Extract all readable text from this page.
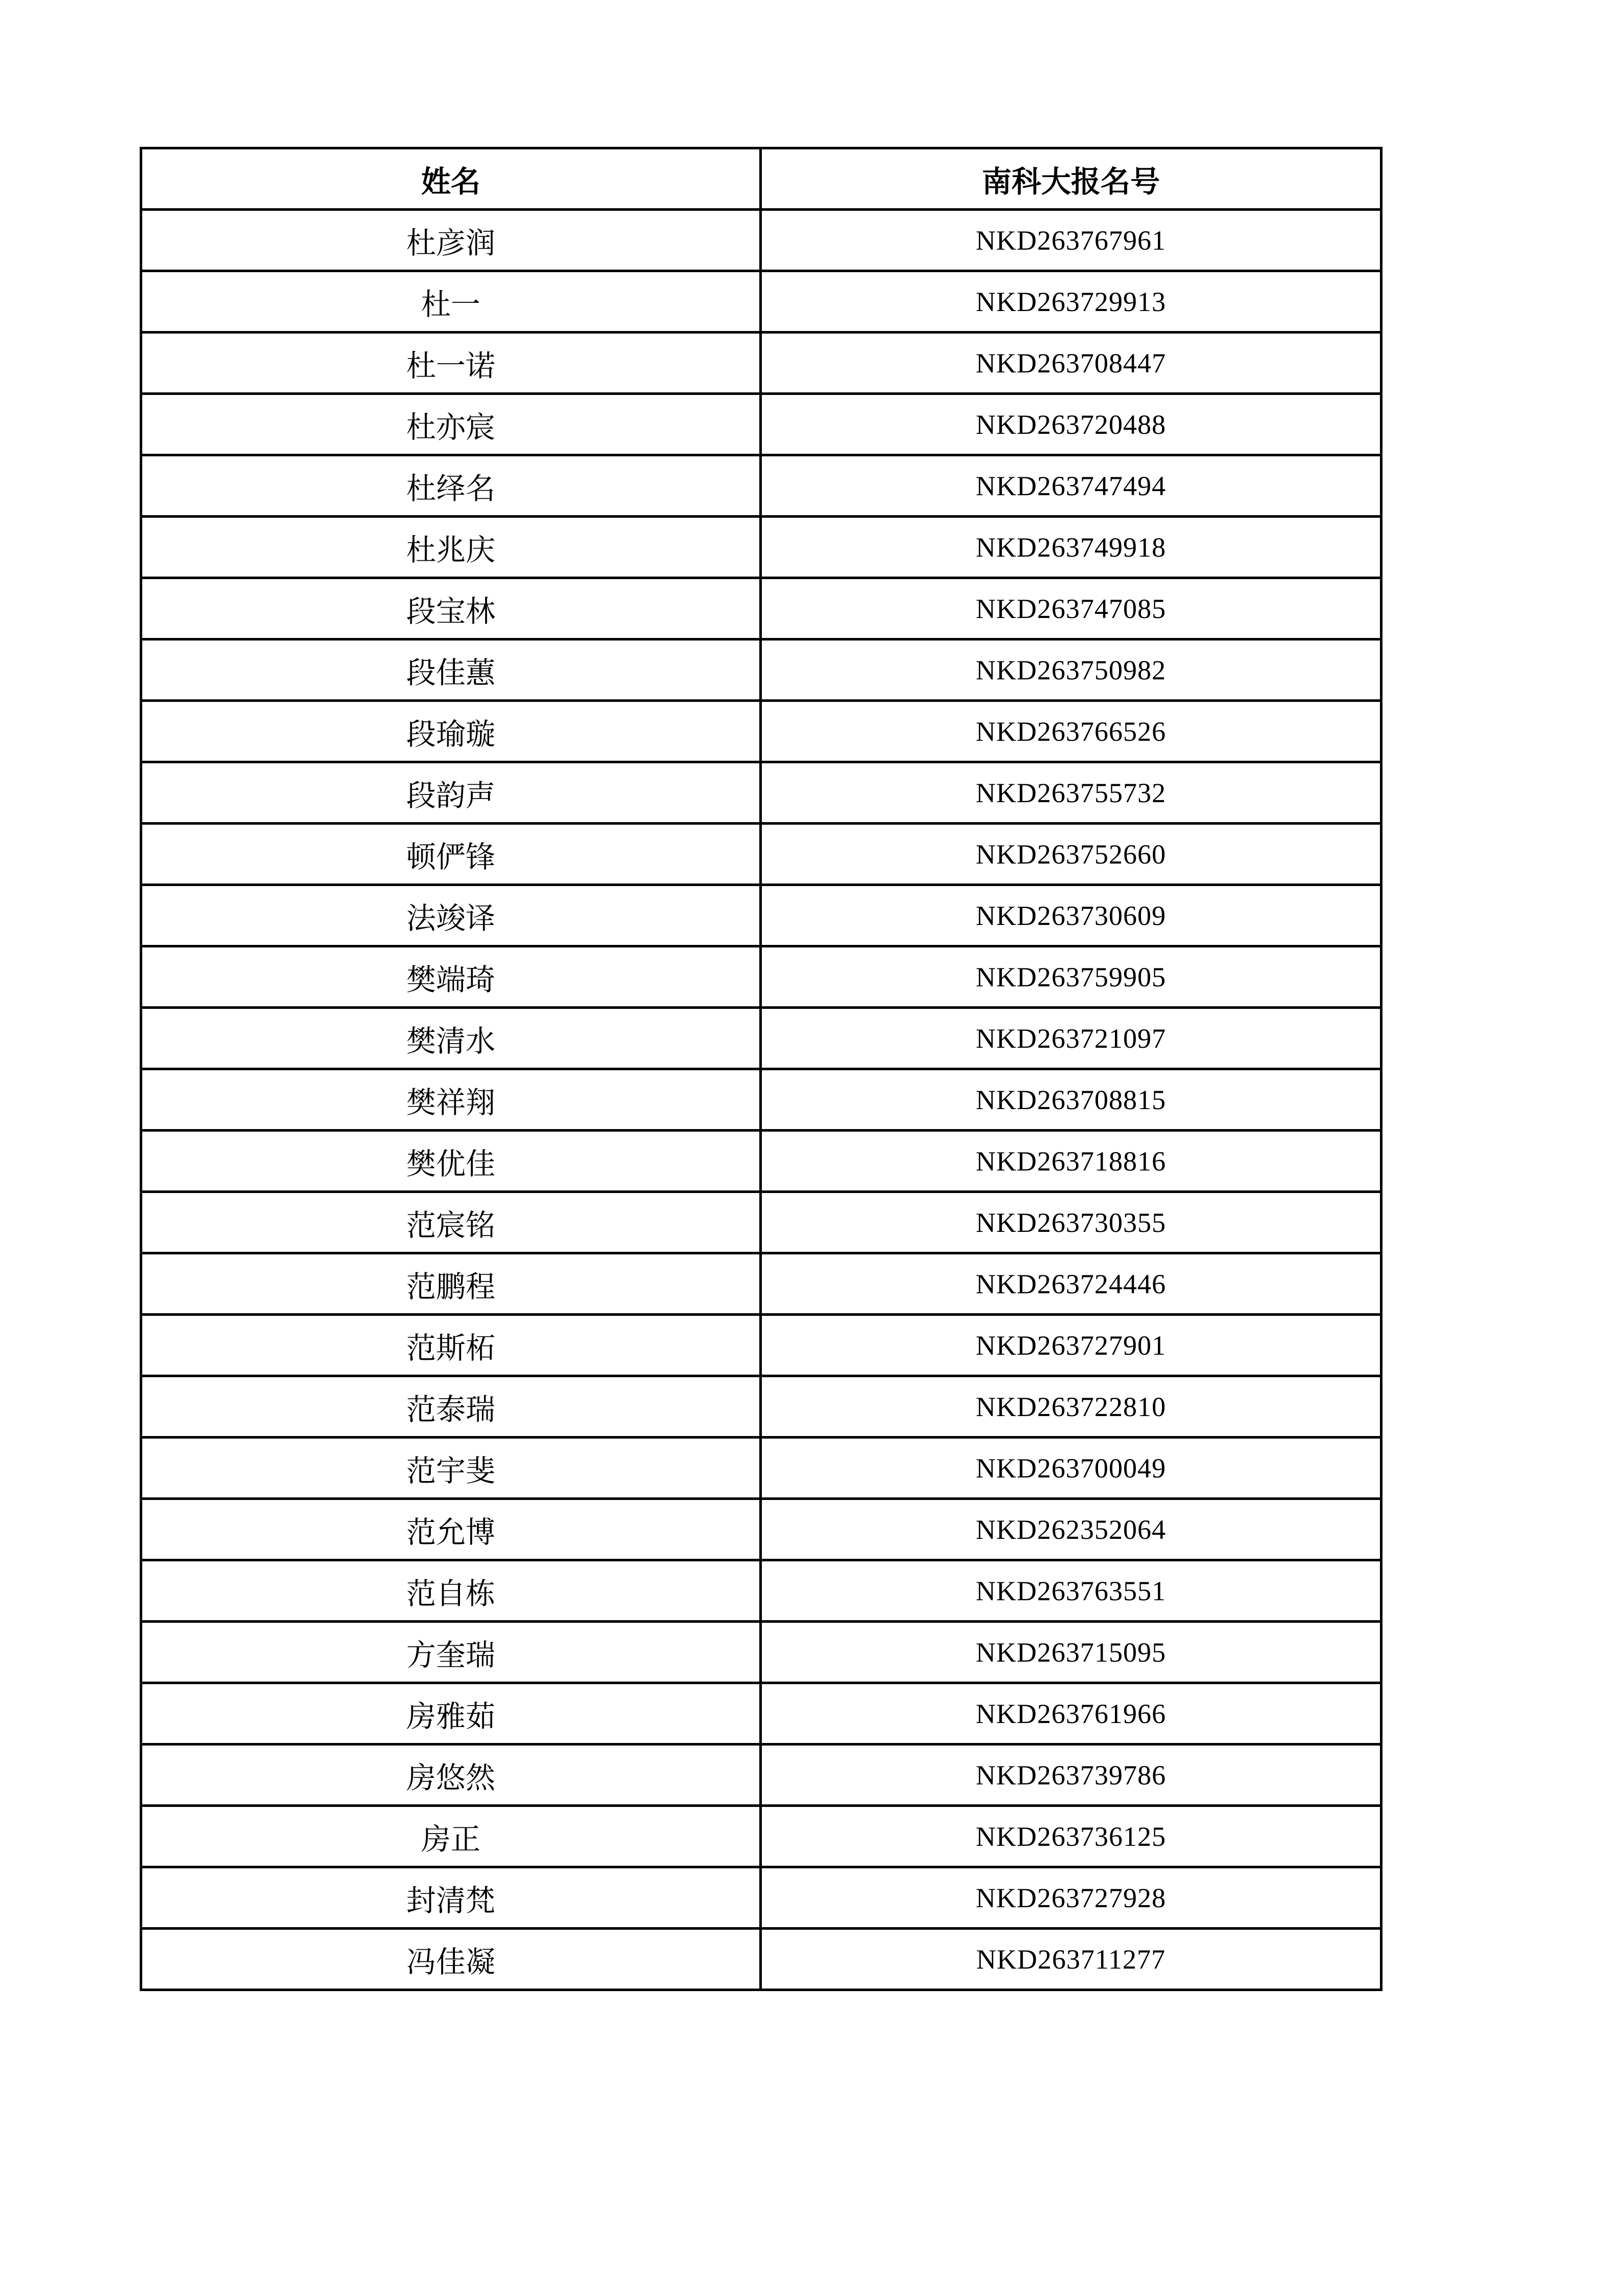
姓名	南科大报名号
杜彦润	NKD263767961
杜一	NKD263729913
杜一诺	NKD263708447
杜亦宸	NKD263720488
杜绎名	NKD263747494
杜兆庆	NKD263749918
段宝林	NKD263747085
段佳蕙	NKD263750982
段瑜璇	NKD263766526
段韵声	NKD263755732
顿俨锋	NKD263752660
法竣译	NKD263730609
樊端琦	NKD263759905
樊清水	NKD263721097
樊祥翔	NKD263708815
樊优佳	NKD263718816
范宸铭	NKD263730355
范鹏程	NKD263724446
范斯柘	NKD263727901
范泰瑞	NKD263722810
范宇斐	NKD263700049
范允博	NKD262352064
范自栋	NKD263763551
方奎瑞	NKD263715095
房雅茹	NKD263761966
房悠然	NKD263739786
房正	NKD263736125
封清梵	NKD263727928
冯佳凝	NKD263711277
